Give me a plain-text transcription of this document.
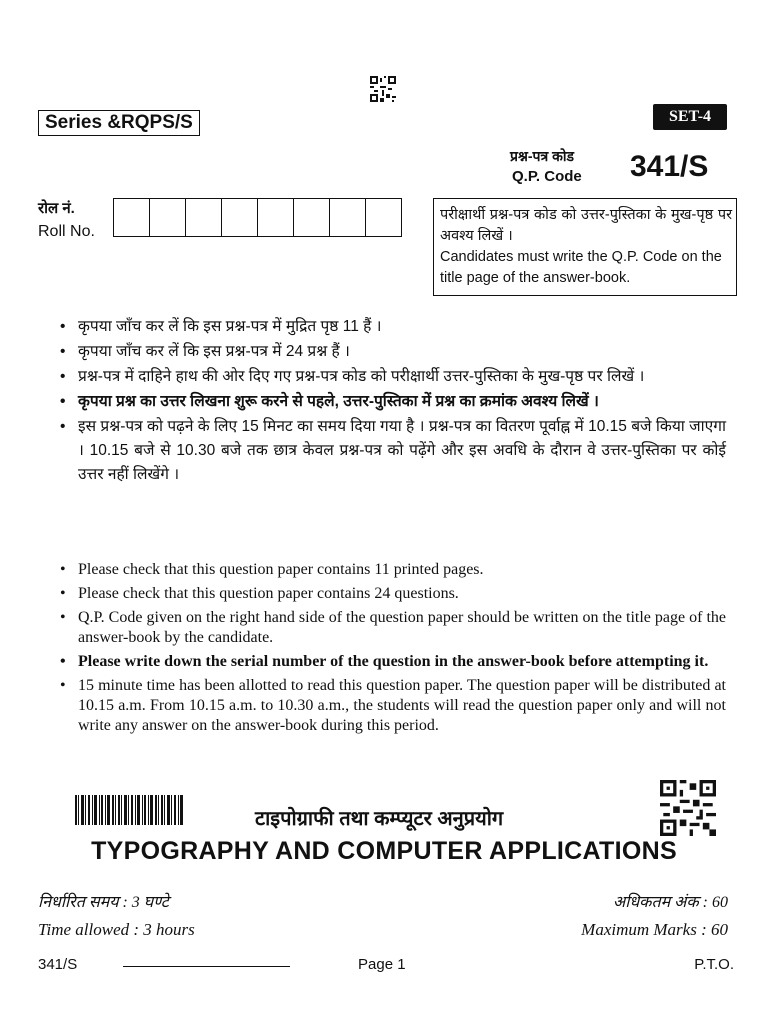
Series &RQPS/S	SET-4
प्रश्न-पत्र कोड
Q.P. Code 341/S
रोल नं.
Roll No.
परीक्षार्थी प्रश्न-पत्र कोड को उत्तर-पुस्तिका के मुख-पृष्ठ पर अवश्य लिखें ।
Candidates must write the Q.P. Code on the title page of the answer-book.
• कृपया जाँच कर लें कि इस प्रश्न-पत्र में मुद्रित पृष्ठ 11 हैं ।
• कृपया जाँच कर लें कि इस प्रश्न-पत्र में 24 प्रश्न हैं ।
• प्रश्न-पत्र में दाहिने हाथ की ओर दिए गए प्रश्न-पत्र कोड को परीक्षार्थी उत्तर-पुस्तिका के मुख-पृष्ठ पर लिखें ।
• कृपया प्रश्न का उत्तर लिखना शुरू करने से पहले, उत्तर-पुस्तिका में प्रश्न का क्रमांक अवश्य लिखें ।
• इस प्रश्न-पत्र को पढ़ने के लिए 15 मिनट का समय दिया गया है । प्रश्न-पत्र का वितरण पूर्वाह्न में 10.15 बजे किया जाएगा । 10.15 बजे से 10.30 बजे तक छात्र केवल प्रश्न-पत्र को पढ़ेंगे और इस अवधि के दौरान वे उत्तर-पुस्तिका पर कोई उत्तर नहीं लिखेंगे ।
• Please check that this question paper contains 11 printed pages.
• Please check that this question paper contains 24 questions.
• Q.P. Code given on the right hand side of the question paper should be written on the title page of the answer-book by the candidate.
• Please write down the serial number of the question in the answer-book before attempting it.
• 15 minute time has been allotted to read this question paper. The question paper will be distributed at 10.15 a.m. From 10.15 a.m. to 10.30 a.m., the students will read the question paper only and will not write any answer on the answer-book during this period.
टाइपोग्राफी तथा कम्प्यूटर अनुप्रयोग
TYPOGRAPHY AND COMPUTER APPLICATIONS
निर्धारित समय : 3 घण्टे
Time allowed : 3 hours
अधिकतम अंक : 60
Maximum Marks : 60
341/S	Page 1	P.T.O.
